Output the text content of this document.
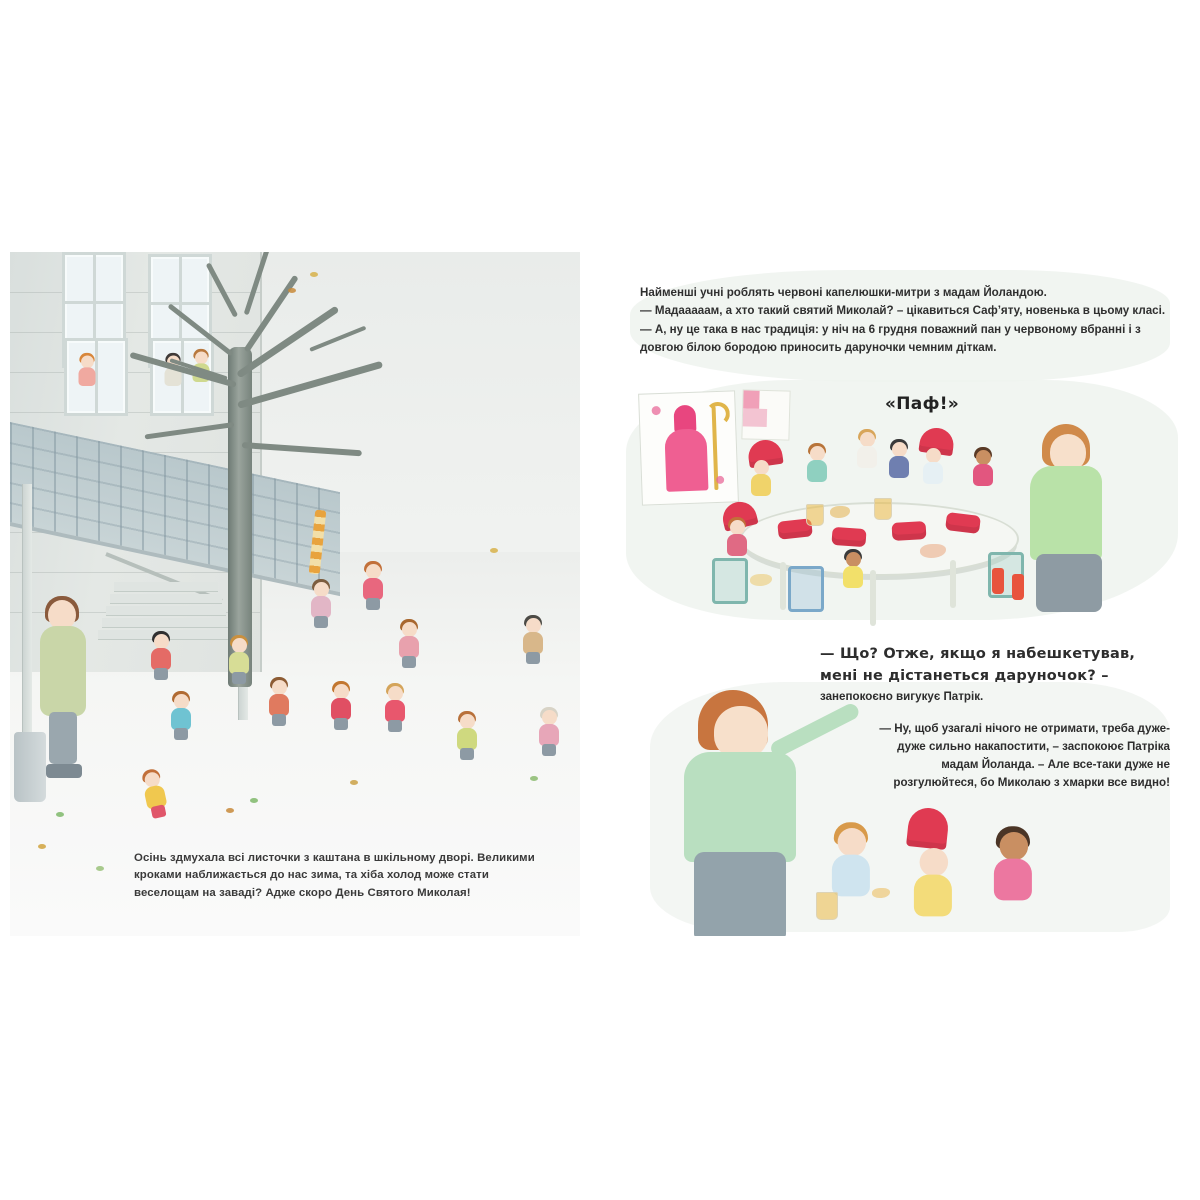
Осінь здмухала всі листочки з каштана в шкільному дворі. Великими кроками наближається до нас зима, та хіба холод може стати веселощам на заваді? Адже скоро День Святого Миколая!
Найменші учні роблять червоні капелюшки-митри з мадам Йоландою.
— Мадааааам, а хто такий святий Миколай? – цікавиться Сафʼяту, новенька в цьому класі.
— А, ну це така в нас традиція: у ніч на 6 грудня поважний пан у червоному вбранні і з довгою білою бородою приносить даруночки чемним діткам.
«Паф!»
— Що? Отже, якщо я набешкетував,
мені не дістанеться даруночок? –
занепокоєно вигукує Патрік.
— Ну, щоб узагалі нічого не отримати, треба дуже-дуже сильно накапостити, – заспокоює Патріка мадам Йоланда. – Але все-таки дуже не розгулюйтеся, бо Миколаю з хмарки все видно!
